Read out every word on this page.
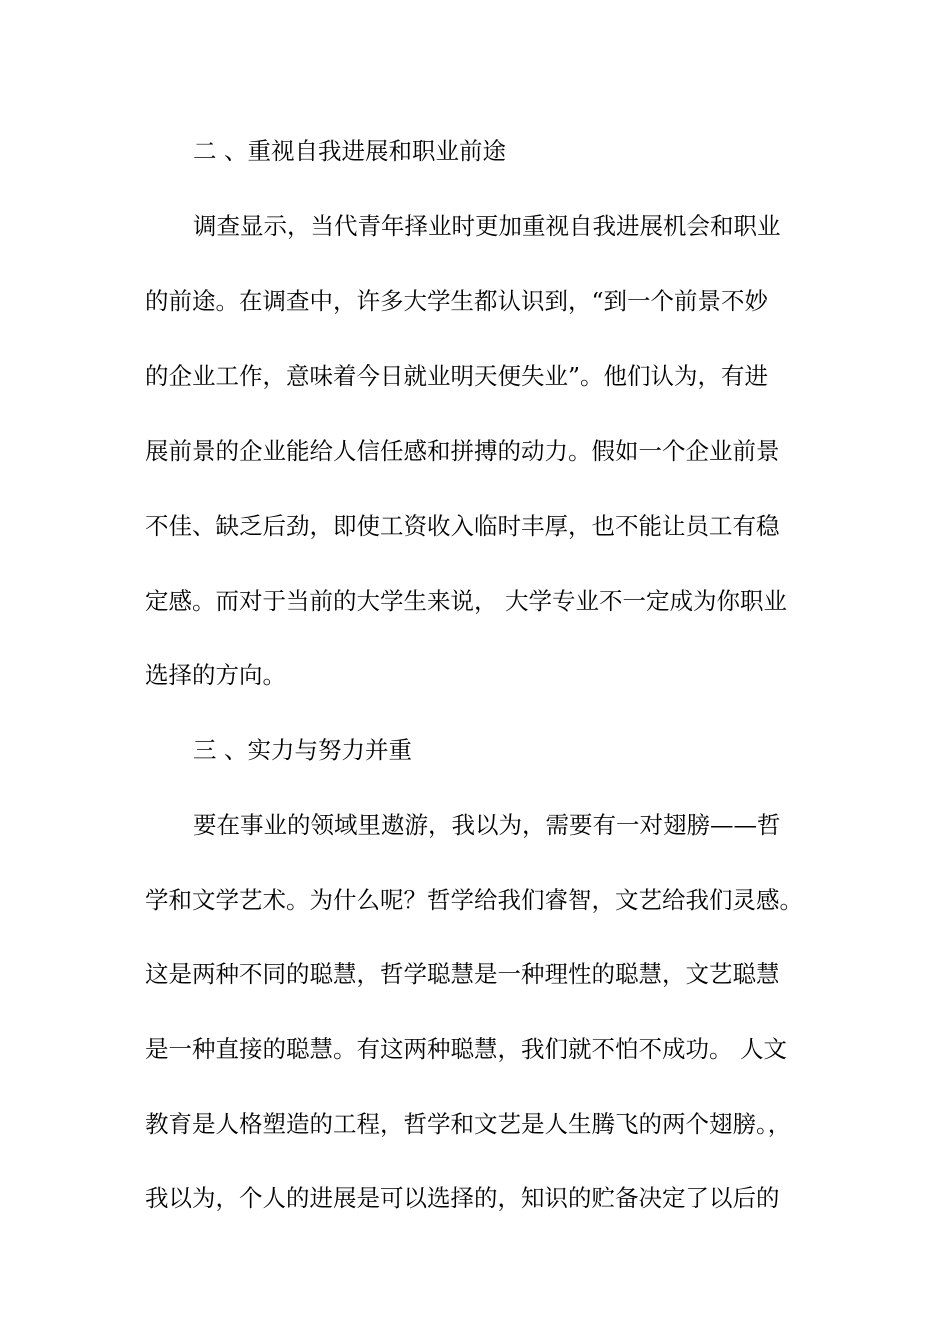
二 、重视自我进展和职业前途
调查显示，当代青年择业时更加重视自我进展机会和职业
的前途。在调查中，许多大学生都认识到，“到一个前景不妙
的企业工作，意味着今日就业明天便失业”。他们认为，有进
展前景的企业能给人信任感和拼搏的动力。假如一个企业前景
不佳、缺乏后劲，即使工资收入临时丰厚，也不能让员工有稳
定感。而对于当前的大学生来说， 大学专业不一定成为你职业
选择的方向。
三 、实力与努力并重
要在事业的领域里遨游，我以为，需要有一对翅膀——哲
学和文学艺术。为什么呢？哲学给我们睿智，文艺给我们灵感。
这是两种不同的聪慧，哲学聪慧是一种理性的聪慧，文艺聪慧
是一种直接的聪慧。有这两种聪慧，我们就不怕不成功。 人文
教育是人格塑造的工程，哲学和文艺是人生腾飞的两个翅膀。，
我以为，个人的进展是可以选择的，知识的贮备决定了以后的
